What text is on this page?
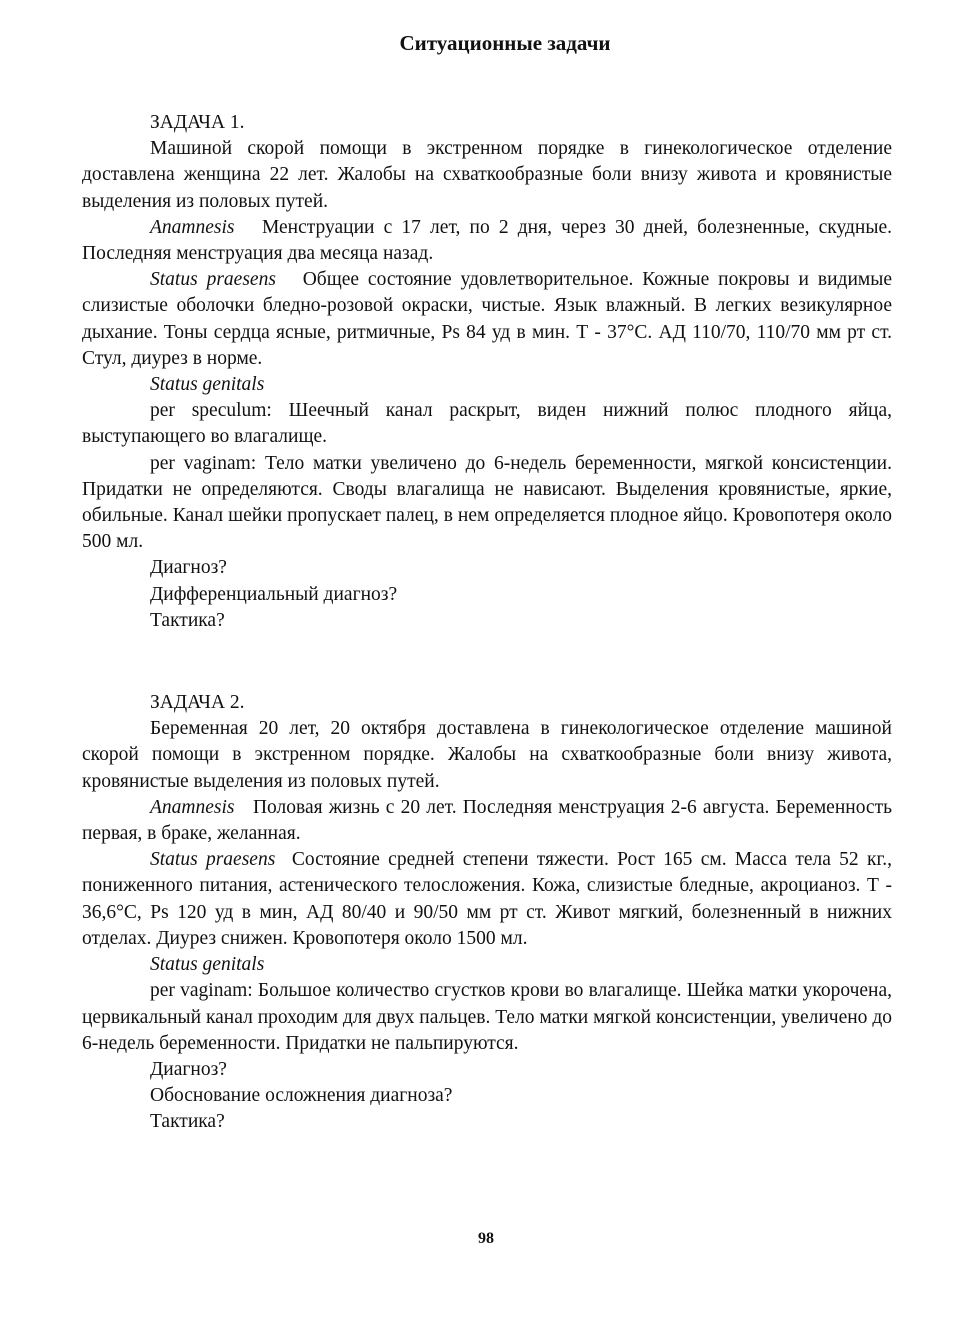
Ситуационные задачи
ЗАДАЧА 1.

Машиной скорой помощи в экстренном порядке в гинекологическое отделение доставлена женщина 22 лет. Жалобы на схваткообразные боли внизу живота и кровянистые выделения из половых путей.

Anamnesis Менструации с 17 лет, по 2 дня, через 30 дней, болезненные, скудные. Последняя менструация два месяца назад.

Status praesens Общее состояние удовлетворительное. Кожные покровы и видимые слизистые оболочки бледно-розовой окраски, чистые. Язык влажный. В легких везикулярное дыхание. Тоны сердца ясные, ритмичные, Ps 84 уд в мин. Т - 37°С. АД 110/70, 110/70 мм рт ст. Стул, диурез в норме.

Status genitals

per speculum: Шеечный канал раскрыт, виден нижний полюс плодного яйца, выступающего во влагалище.

per vaginam: Тело матки увеличено до 6-недель беременности, мягкой консистенции. Придатки не определяются. Своды влагалища не нависают. Выделения кровянистые, яркие, обильные. Канал шейки пропускает палец, в нем определяется плодное яйцо. Кровопотеря около 500 мл.

Диагноз?
Дифференциальный диагноз?
Тактика?
ЗАДАЧА 2.

Беременная 20 лет, 20 октября доставлена в гинекологическое отделение машиной скорой помощи в экстренном порядке. Жалобы на схваткообразные боли внизу живота, кровянистые выделения из половых путей.

Anamnesis Половая жизнь с 20 лет. Последняя менструация 2-6 августа. Беременность первая, в браке, желанная.

Status praesens Состояние средней степени тяжести. Рост 165 см. Масса тела 52 кг., пониженного питания, астенического телосложения. Кожа, слизистые бледные, акроцианоз. Т - 36,6°С, Ps 120 уд в мин, АД 80/40 и 90/50 мм рт ст. Живот мягкий, болезненный в нижних отделах. Диурез снижен. Кровопотеря около 1500 мл.

Status genitals

per vaginam: Большое количество сгустков крови во влагалище. Шейка матки укорочена, цервикальный канал проходим для двух пальцев. Тело матки мягкой консистенции, увеличено до 6-недель беременности. Придатки не пальпируются.

Диагноз?
Обоснование осложнения диагноза?
Тактика?
98
